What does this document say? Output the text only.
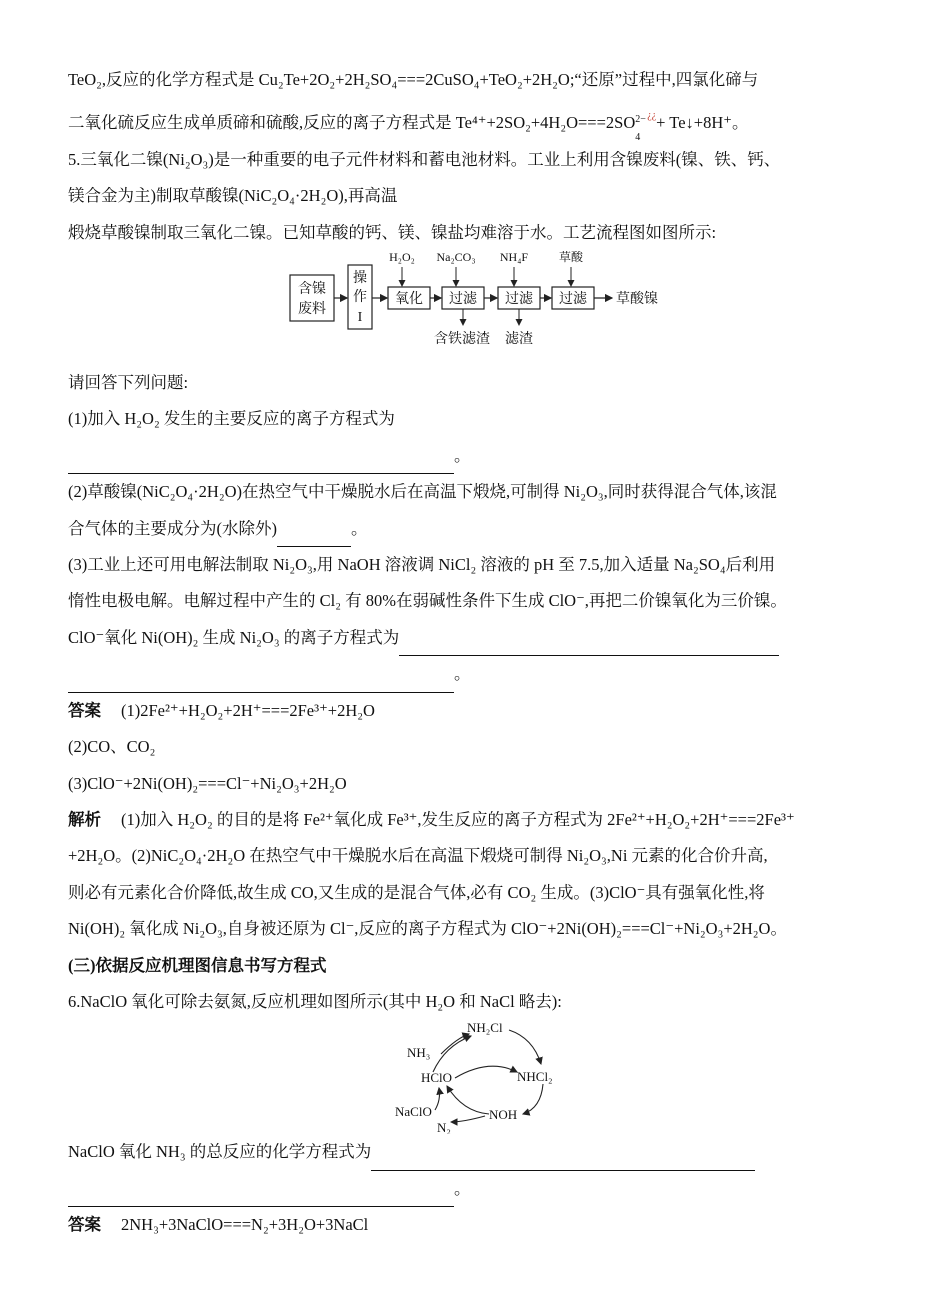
TeO₂,反应的化学方程式是 Cu₂Te+2O₂+2H₂SO₄===2CuSO₄+TeO₂+2H₂O;“还原”过程中,四氯化碲与
二氧化硫反应生成单质碲和硫酸,反应的离子方程式是 Te⁴⁺+2SO₂+4H₂O===2SO 2−
4
¿¿+ Te↓+8H⁺。
5.三氧化二镍(Ni₂O₃)是一种重要的电子元件材料和蓄电池材料。工业上利用含镍废料(镍、铁、钙、
镁合金为主)制取草酸镍(NiC₂O₄·2H₂O),再高温
煅烧草酸镍制取三氧化二镍。已知草酸的钙、镁、镍盐均难溶于水。工艺流程图如图所示:
含镍
废料
操
作
I
氧化 过滤 过滤 过滤 草酸镍
H₂O₂ Na₂CO₃ NH₄F	草酸
含铁滤渣 滤渣
请回答下列问题:
(1)加入 H₂O₂ 发生的主要反应的离子方程式为
。
(2)草酸镍(NiC₂O₄·2H₂O)在热空气中干燥脱水后在高温下煅烧,可制得 Ni₂O₃,同时获得混合气体,该混
合气体的主要成分为(水除外)	。
(3)工业上还可用电解法制取 Ni₂O₃,用 NaOH 溶液调 NiCl₂ 溶液的 pH 至 7.5,加入适量 Na₂SO₄后利用
惰性电极电解。电解过程中产生的 Cl₂ 有 80%在弱碱性条件下生成 ClO⁻,再把二价镍氧化为三价镍。
ClO⁻氧化 Ni(OH)₂ 生成 Ni₂O₃ 的离子方程式为
。
答案 (1)2Fe²⁺+H₂O₂+2H⁺===2Fe³⁺+2H₂O
(2)CO、CO₂
(3)ClO⁻+2Ni(OH)₂===Cl⁻+Ni₂O₃+2H₂O
解析 (1)加入 H₂O₂ 的目的是将 Fe²⁺氧化成 Fe³⁺,发生反应的离子方程式为 2Fe²⁺+H₂O₂+2H⁺===2Fe³⁺
+2H₂O。(2)NiC₂O₄·2H₂O 在热空气中干燥脱水后在高温下煅烧可制得 Ni₂O₃,Ni 元素的化合价升高,
则必有元素化合价降低,故生成 CO,又生成的是混合气体,必有 CO₂ 生成。(3)ClO⁻具有强氧化性,将
Ni(OH)₂ 氧化成 Ni₂O₃,自身被还原为 Cl⁻,反应的离子方程式为 ClO⁻+2Ni(OH)₂===Cl⁻+Ni₂O₃+2H₂O。
(三)依据反应机理图信息书写方程式
6.NaClO 氧化可除去氨氮,反应机理如图所示(其中 H₂O 和 NaCl 略去):
NH₃
NH₂Cl
NHCl₂
HClO
NaClO	NOH
N₂
NaClO 氧化 NH₃ 的总反应的化学方程式为
。
答案 2NH₃+3NaClO===N₂+3H₂O+3NaCl
